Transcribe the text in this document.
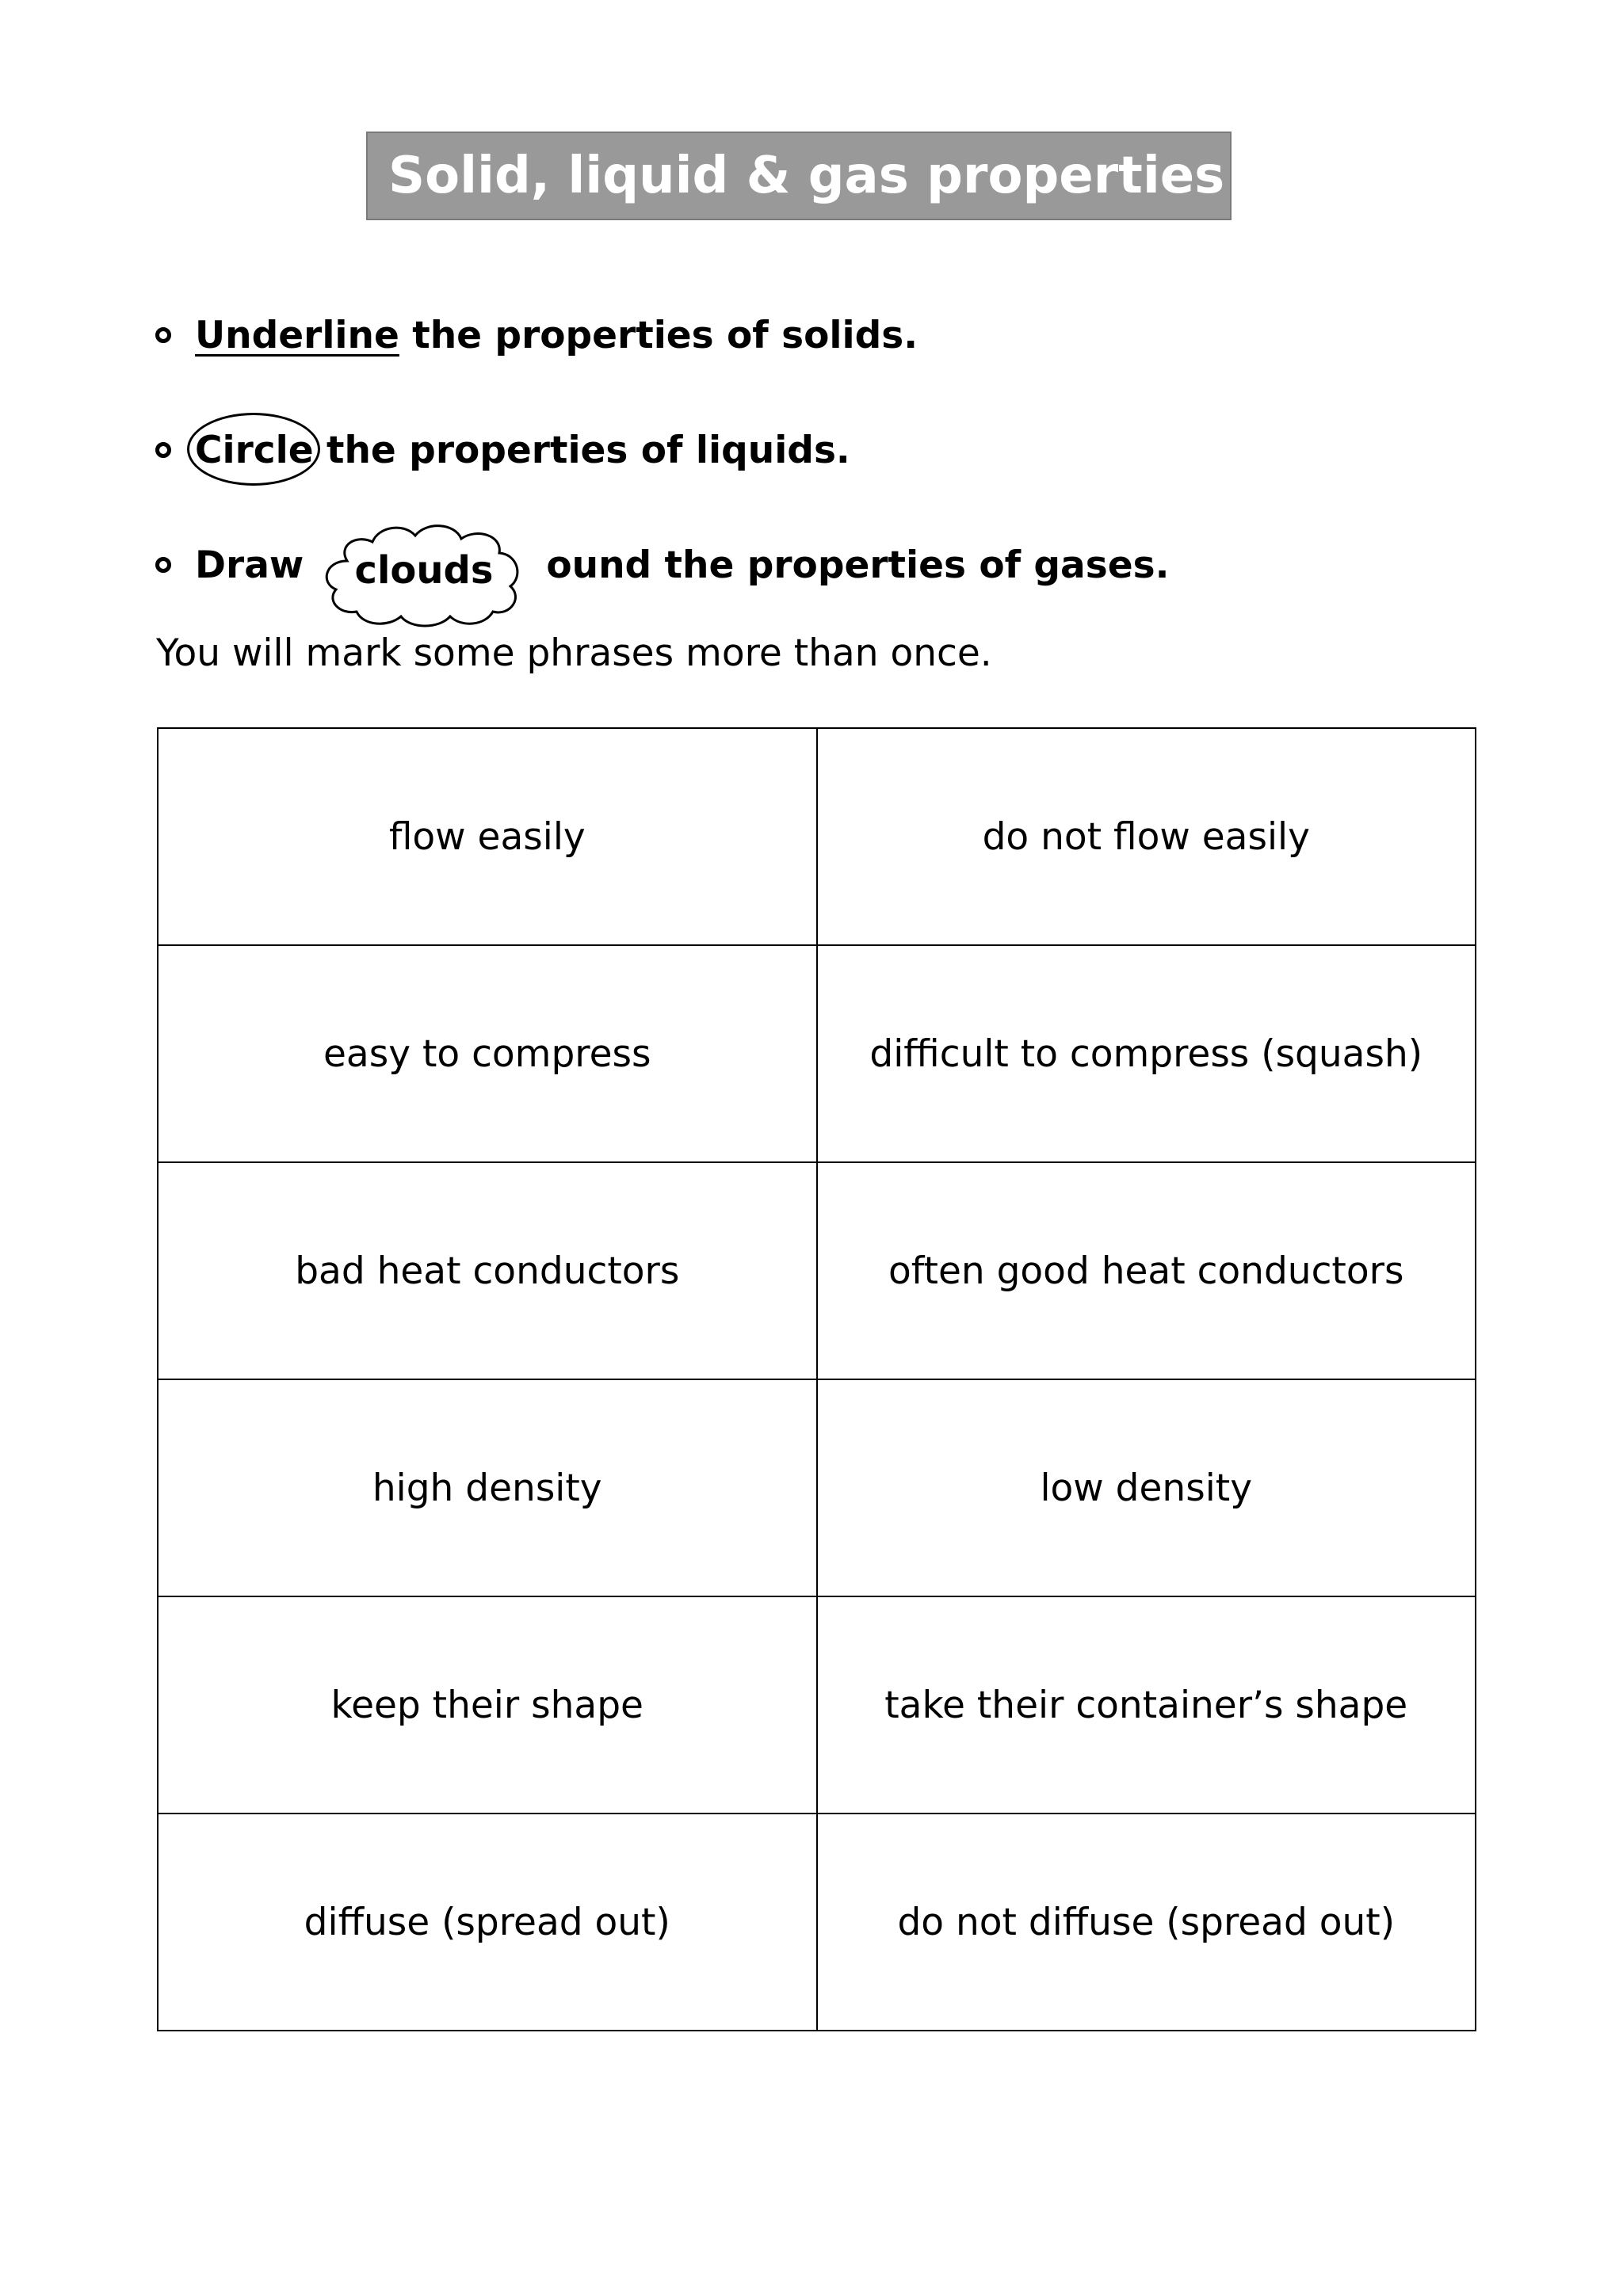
Solid, liquid & gas properties
Underline the properties of solids.
Circle
the properties of liquids.
Draw	ound the properties of gases.
clouds
You will mark some phrases more than once.
flow easily	do not flow easily
easy to compress	difficult to compress (squash)
bad heat conductors	often good heat conductors
high density	low density
keep their shape	take their container’s shape
diffuse (spread out)	do not diffuse (spread out)
